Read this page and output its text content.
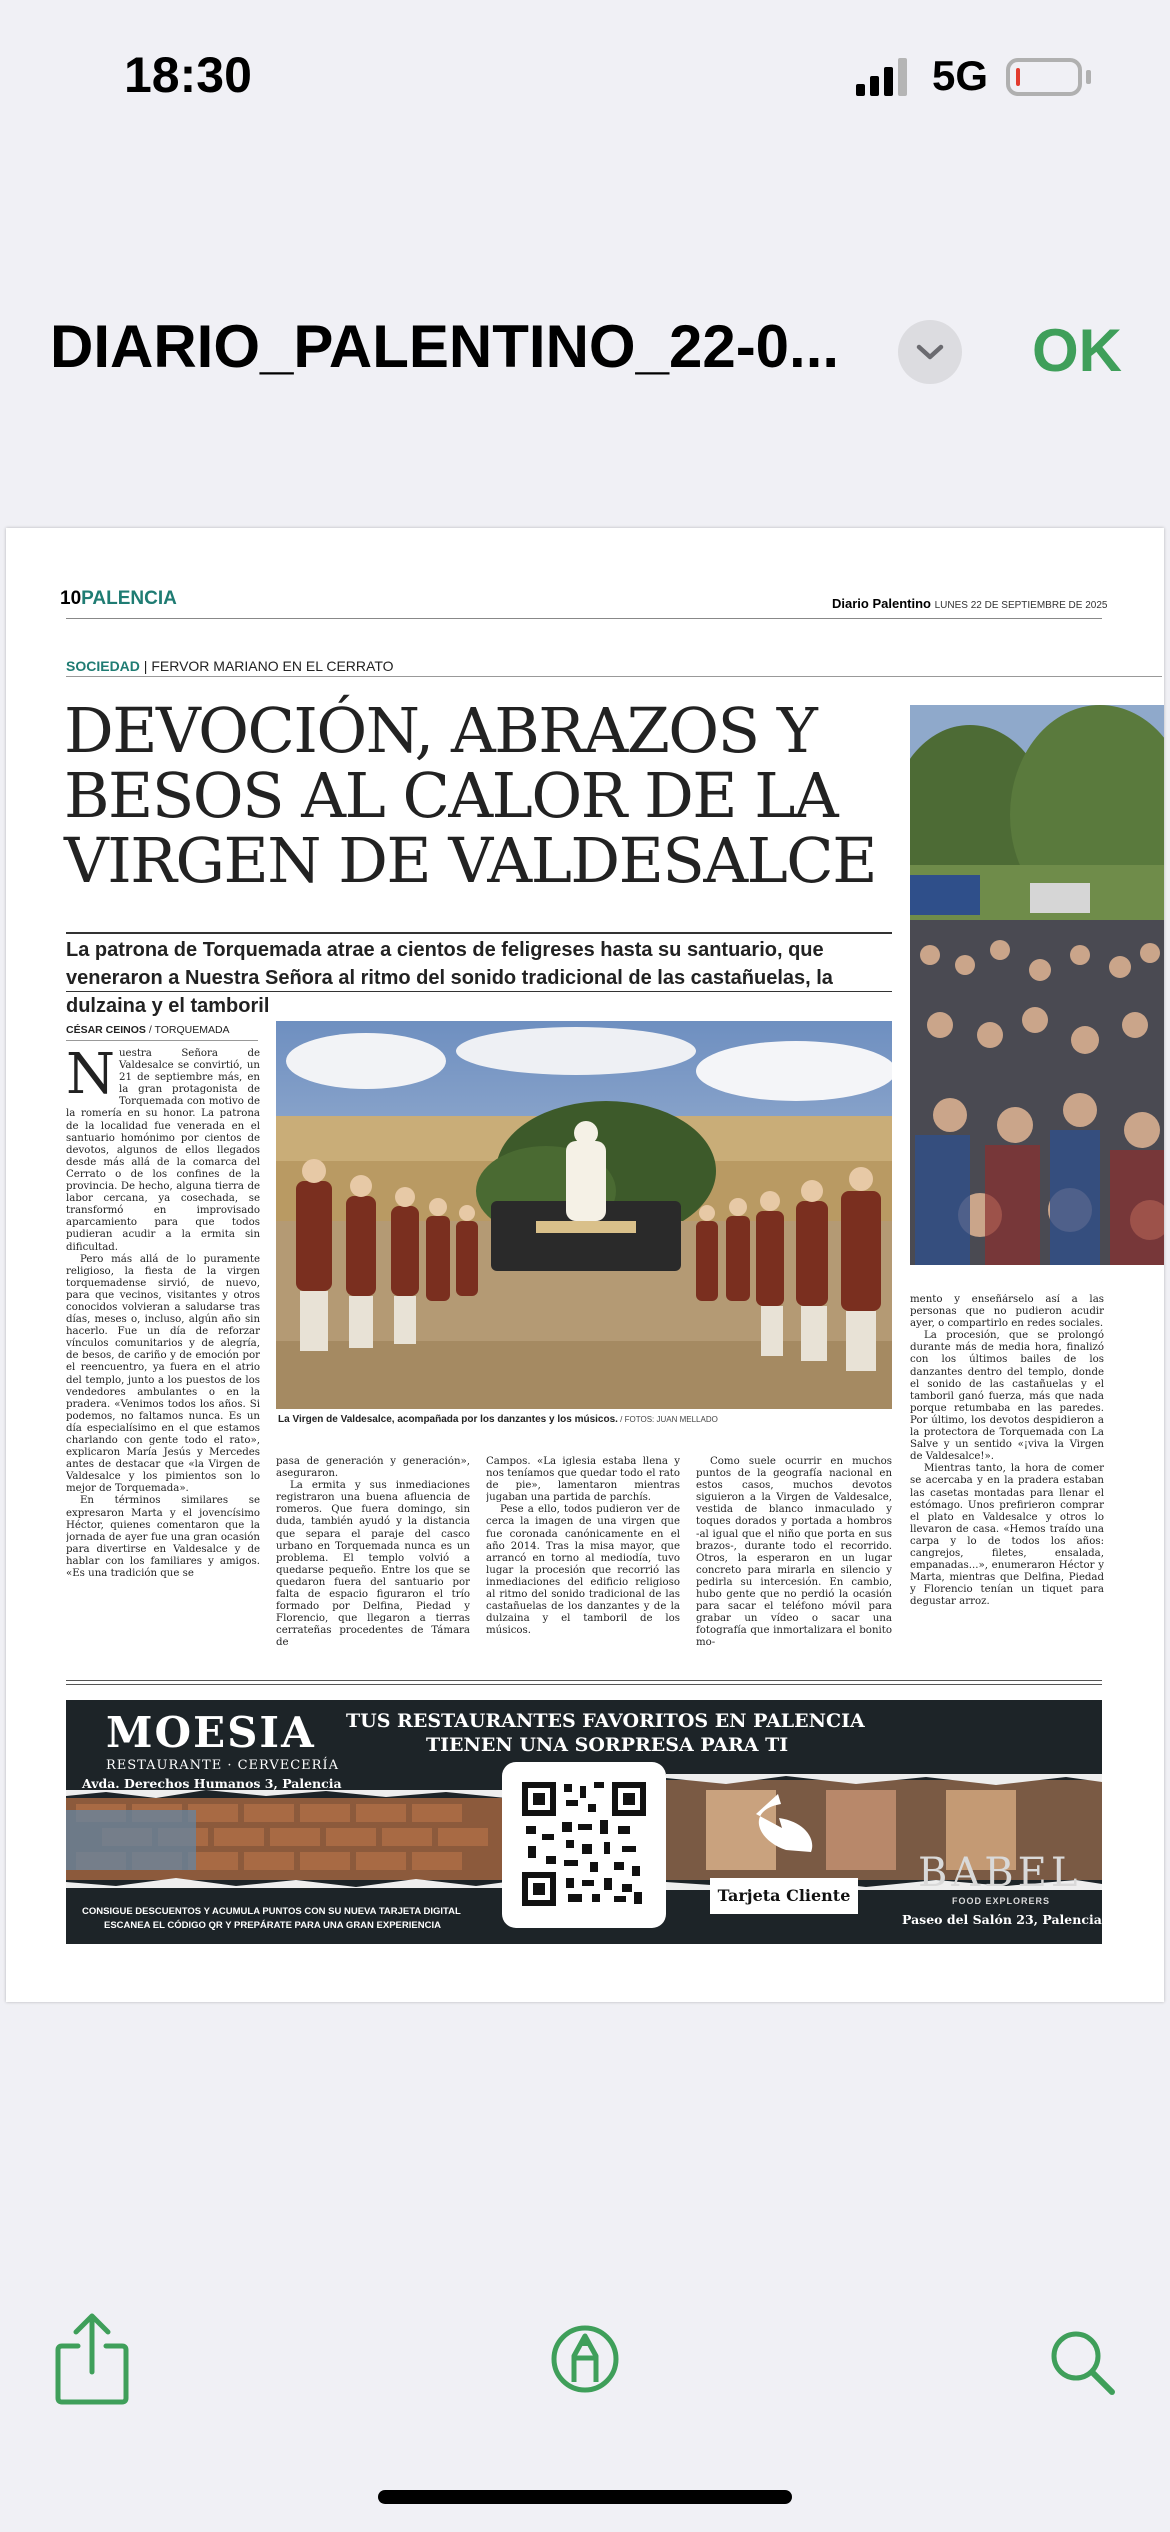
18:30	5G
DIARIO_PALENTINO_22-0...	OK
10PALENCIA	Diario Palentino LUNES 22 DE SEPTIEMBRE DE 2025
SOCIEDAD | FERVOR MARIANO EN EL CERRATO
DEVOCIÓN, ABRAZOS Y BESOS AL CALOR DE LA VIRGEN DE VALDESALCE
La patrona de Torquemada atrae a cientos de feligreses hasta su santuario, que veneraron a Nuestra Señora al ritmo del sonido tradicional de las castañuelas, la dulzaina y el tamboril
CÉSAR CEINOS / TORQUEMADA

Nuestra Señora de Valdesalce se convirtió, un 21 de septiembre más, en la gran protagonista de Torquemada con motivo de la romería en su honor. La patrona de la localidad fue venerada en el santuario homónimo por cientos de devotos, algunos de ellos llegados desde más allá de la comarca del Cerrato o de los confines de la provincia. De hecho, alguna tierra de labor cercana, ya cosechada, se transformó en improvisado aparcamiento para que todos pudieran acudir a la ermita sin dificultad.

Pero más allá de lo puramente religioso, la fiesta de la virgen torquemadense sirvió, de nuevo, para que vecinos, visitantes y otros conocidos volvieran a saludarse tras días, meses o, incluso, algún año sin hacerlo. Fue un día de reforzar vínculos comunitarios y de alegría, de besos, de cariño y de emoción por el reencuentro, ya fuera en el atrio del templo, junto a los puestos de los vendedores ambulantes o en la pradera. «Venimos todos los años. Si podemos, no faltamos nunca. Es un día especialísimo en el que estamos charlando con gente todo el rato», explicaron María Jesús y Mercedes antes de destacar que «la Virgen de Valdesalce y los pimientos son lo mejor de Torquemada».

En términos similares se expresaron Marta y el jovencísimo Héctor, quienes comentaron que la jornada de ayer fue una gran ocasión para divertirse en Valdesalce y de hablar con los familiares y amigos. «Es una tradición que se

La Virgen de Valdesalce, acompañada por los danzantes y los músicos. / FOTOS: JUAN MELLADO

pasa de generación y generación», aseguraron.

La ermita y sus inmediaciones registraron una buena afluencia de romeros. Que fuera domingo, sin duda, también ayudó y la distancia que separa el paraje del casco urbano en Torquemada nunca es un problema. El templo volvió a quedarse pequeño. Entre los que se quedaron fuera del santuario por falta de espacio figuraron el trío formado por Delfina, Piedad y Florencio, que llegaron a tierras cerrateñas procedentes de Támara de

Campos. «La iglesia estaba llena y nos teníamos que quedar todo el rato de pie», lamentaron mientras jugaban una partida de parchís.

Pese a ello, todos pudieron ver de cerca la imagen de una virgen que fue coronada canónicamente en el año 2014. Tras la misa mayor, que arrancó en torno al mediodía, tuvo lugar la procesión que recorrió las inmediaciones del edificio religioso al ritmo del sonido tradicional de las castañuelas de los danzantes y de la dulzaina y el tamboril de los músicos.

Como suele ocurrir en muchos puntos de la geografía nacional en estos casos, muchos devotos siguieron a la Virgen de Valdesalce, vestida de blanco inmaculado y toques dorados y portada a hombros -al igual que el niño que porta en sus brazos-, durante todo el recorrido. Otros, la esperaron en un lugar concreto para mirarla en silencio y pedirla su intercesión. En cambio, hubo gente que no perdió la ocasión para sacar el teléfono móvil para grabar un vídeo o sacar una fotografía que inmortalizara el bonito mo-

mento y enseñárselo así a las personas que no pudieron acudir ayer, o compartirlo en redes sociales.

La procesión, que se prolongó durante más de media hora, finalizó con los últimos bailes de los danzantes dentro del templo, donde el sonido de las castañuelas y el tamboril ganó fuerza, más que nada porque retumbaba en las paredes. Por último, los devotos despidieron a la protectora de Torquemada con La Salve y un sentido «¡viva la Virgen de Valdesalce!».

Mientras tanto, la hora de comer se acercaba y en la pradera estaban las casetas montadas para llenar el estómago. Unos prefirieron comprar el plato en Valdesalce y otros lo llevaron de casa. «Hemos traído una carpa y lo de todos los años: cangrejos, filetes, ensalada, empanadas...», enumeraron Héctor y Marta, mientras que Delfina, Piedad y Florencio tenían un tiquet para degustar arroz.

MOESIA
RESTAURANTE · CERVECERÍA
Avda. Derechos Humanos 3, Palencia
TUS RESTAURANTES FAVORITOS EN PALENCIA
TIENEN UNA SORPRESA PARA TI
Tarjeta Cliente BABEL
FOOD EXPLORERS
Paseo del Salón 23, Palencia
CONSIGUE DESCUENTOS Y ACUMULA PUNTOS CON SU NUEVA TARJETA DIGITAL
ESCANEA EL CÓDIGO QR Y PREPÁRATE PARA UNA GRAN EXPERIENCIA
